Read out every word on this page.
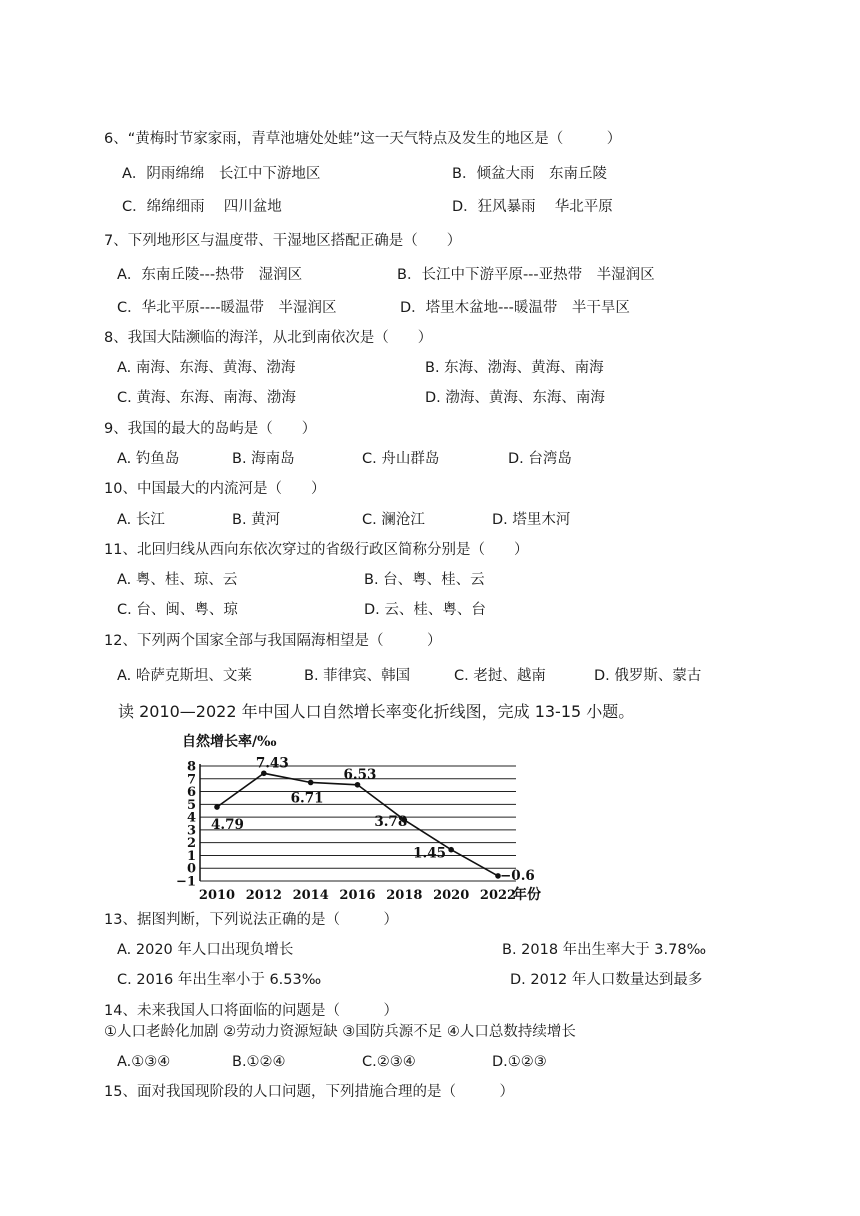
6、“黄梅时节家家雨，青草池塘处处蛙”这一天气特点及发生的地区是（　　　）
A．阴雨绵绵　长江中下游地区	B．倾盆大雨　东南丘陵
C．绵绵细雨　 四川盆地	D．狂风暴雨　 华北平原
7、下列地形区与温度带、干湿地区搭配正确是（　　）
A．东南丘陵---热带　湿润区	B．长江中下游平原---亚热带　半湿润区
C．华北平原----暖温带　半湿润区	D．塔里木盆地---暖温带　半干旱区
8、我国大陆濒临的海洋，从北到南依次是（　　）
A. 南海、东海、黄海、渤海	B. 东海、渤海、黄海、南海
C. 黄海、东海、南海、渤海	D. 渤海、黄海、东海、南海
9、我国的最大的岛屿是（　　）
A. 钓鱼岛	B. 海南岛	C. 舟山群岛	D. 台湾岛
10、中国最大的内流河是（　　）
A. 长江	B. 黄河	C. 澜沧江	D. 塔里木河
11、北回归线从西向东依次穿过的省级行政区简称分别是（　　）
A. 粤、桂、琼、云	B. 台、粤、桂、云
C. 台、闽、粤、琼	D. 云、桂、粤、台
12、下列两个国家全部与我国隔海相望是（　　　）
A. 哈萨克斯坦、文莱	B. 菲律宾、韩国	C. 老挝、越南	D. 俄罗斯、蒙古
读 2010—2022 年中国人口自然增长率变化折线图，完成 13-15 小题。
−1
0
1
2
3
4
5
6
7
8
2010 2012 2014 2016 2018 2020 2022
自然增长率/‰
年份
4.79
7.43
6.71
6.53
3.78
1.45
−0.6
13、据图判断，下列说法正确的是（　　　）
A. 2020 年人口出现负增长	B. 2018 年出生率大于 3.78‰
C. 2016 年出生率小于 6.53‰	D. 2012 年人口数量达到最多
14、未来我国人口将面临的问题是（　　　）
①人口老龄化加剧 ②劳动力资源短缺 ③国防兵源不足 ④人口总数持续增长
A.①③④	B.①②④	C.②③④	D.①②③
15、面对我国现阶段的人口问题，下列措施合理的是（　　　）
